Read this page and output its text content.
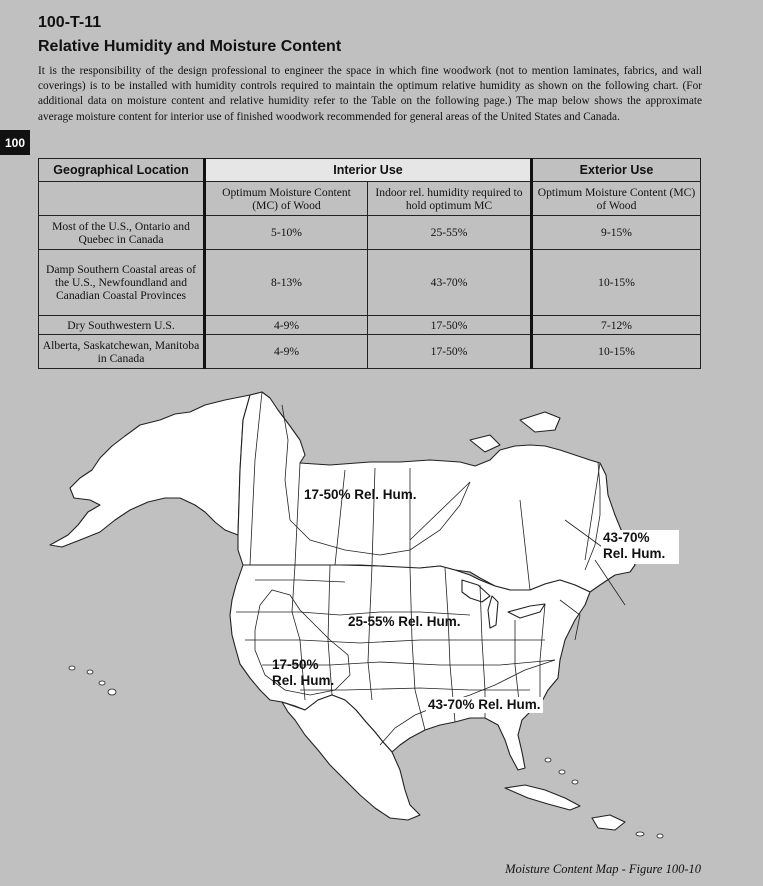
100-T-11
Relative Humidity and Moisture Content
It is the responsibility of the design professional to engineer the space in which fine woodwork (not to mention laminates, fabrics, and wall coverings) is to be installed with humidity controls required to maintain the optimum relative humidity as shown on the following chart. (For additional data on moisture content and relative humidity refer to the Table on the following page.) The map below shows the approximate average moisture content for interior use of finished woodwork recommended for general areas of the United States and Canada.
100
Geographical Location	Interior Use		Exterior Use
	Optimum Moisture Content (MC) of Wood	Indoor rel. humidity required to hold optimum MC	Optimum Moisture Content (MC) of Wood
Most of the U.S., Ontario and Quebec in Canada	5-10%	25-55%	9-15%
Damp Southern Coastal areas of the U.S., Newfoundland and Canadian Coastal Provinces	8-13%	43-70%	10-15%
Dry Southwestern U.S.	4-9%	17-50%	7-12%
Alberta, Saskatchewan, Manitoba in Canada	4-9%	17-50%	10-15%
17-50% Rel. Hum.
43-70%
Rel. Hum.
25-55% Rel. Hum.
17-50%
Rel. Hum.
43-70% Rel. Hum.
Moisture Content Map - Figure 100-10
